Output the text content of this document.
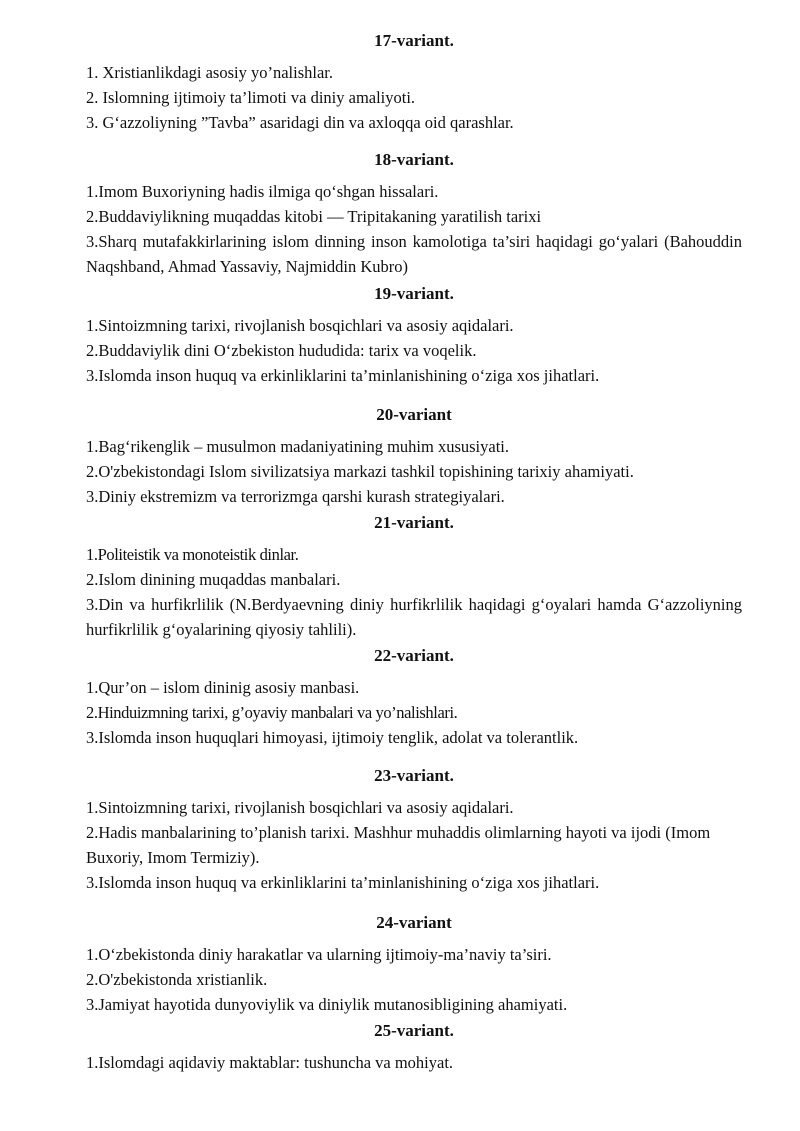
17-variant.
1. Xristianlikdagi asosiy yo’nalishlar.
2. Islomning ijtimoiy ta’limoti va diniy amaliyoti.
3. G‘azzoliyning ”Tavba” asaridagi din va axloqqa oid qarashlar.
18-variant.
1.Imom Buxoriyning hadis ilmiga qo‘shgan hissalari.
2.Buddaviylikning muqaddas kitobi — Tripitakaning yaratilish tarixi
3.Sharq mutafakkirlarining islom dinning inson kamolotiga ta’siri haqidagi go‘yalari (Bahouddin Naqshband, Ahmad Yassaviy, Najmiddin Kubro)
19-variant.
1.Sintoizmning tarixi, rivojlanish bosqichlari va asosiy aqidalari.
2.Buddaviylik dini O‘zbekiston hududida: tarix va voqelik.
3.Islomda inson huquq va erkinliklarini ta’minlanishining o‘ziga xos jihatlari.
20-variant
1.Bag‘rikenglik – musulmon madaniyatining muhim xususiyati.
2.O'zbekistondagi Islom sivilizatsiya markazi tashkil topishining tarixiy ahamiyati.
3.Diniy ekstremizm va terrorizmga qarshi kurash strategiyalari.
21-variant.
1.Politeistik va monoteistik dinlar.
2.Islom dinining muqaddas manbalari.
3.Din va hurfikrlilik (N.Berdyaevning diniy hurfikrlilik haqidagi g‘oyalari hamda G‘azzoliyning hurfikrlilik g‘oyalarining qiyosiy tahlili).
22-variant.
1.Qur’on – islom dininig asosiy manbasi.
2.Hinduizmning tarixi, g’oyaviy manbalari va yo’nalishlari.
3.Islomda inson huquqlari himoyasi, ijtimoiy tenglik, adolat va tolerantlik.
23-variant.
1.Sintoizmning tarixi, rivojlanish bosqichlari va asosiy aqidalari.
2.Hadis manbalarining to’planish tarixi. Mashhur muhaddis olimlarning hayoti va ijodi (Imom Buxoriy, Imom Termiziy).
3.Islomda inson huquq va erkinliklarini ta’minlanishining o‘ziga xos jihatlari.
24-variant
1.O‘zbekistonda diniy harakatlar va ularning ijtimoiy-ma’naviy ta’siri.
2.O'zbekistonda xristianlik.
3.Jamiyat hayotida dunyoviylik va diniylik mutanosibligining ahamiyati.
25-variant.
1.Islomdagi aqidaviy maktablar: tushuncha va mohiyat.
